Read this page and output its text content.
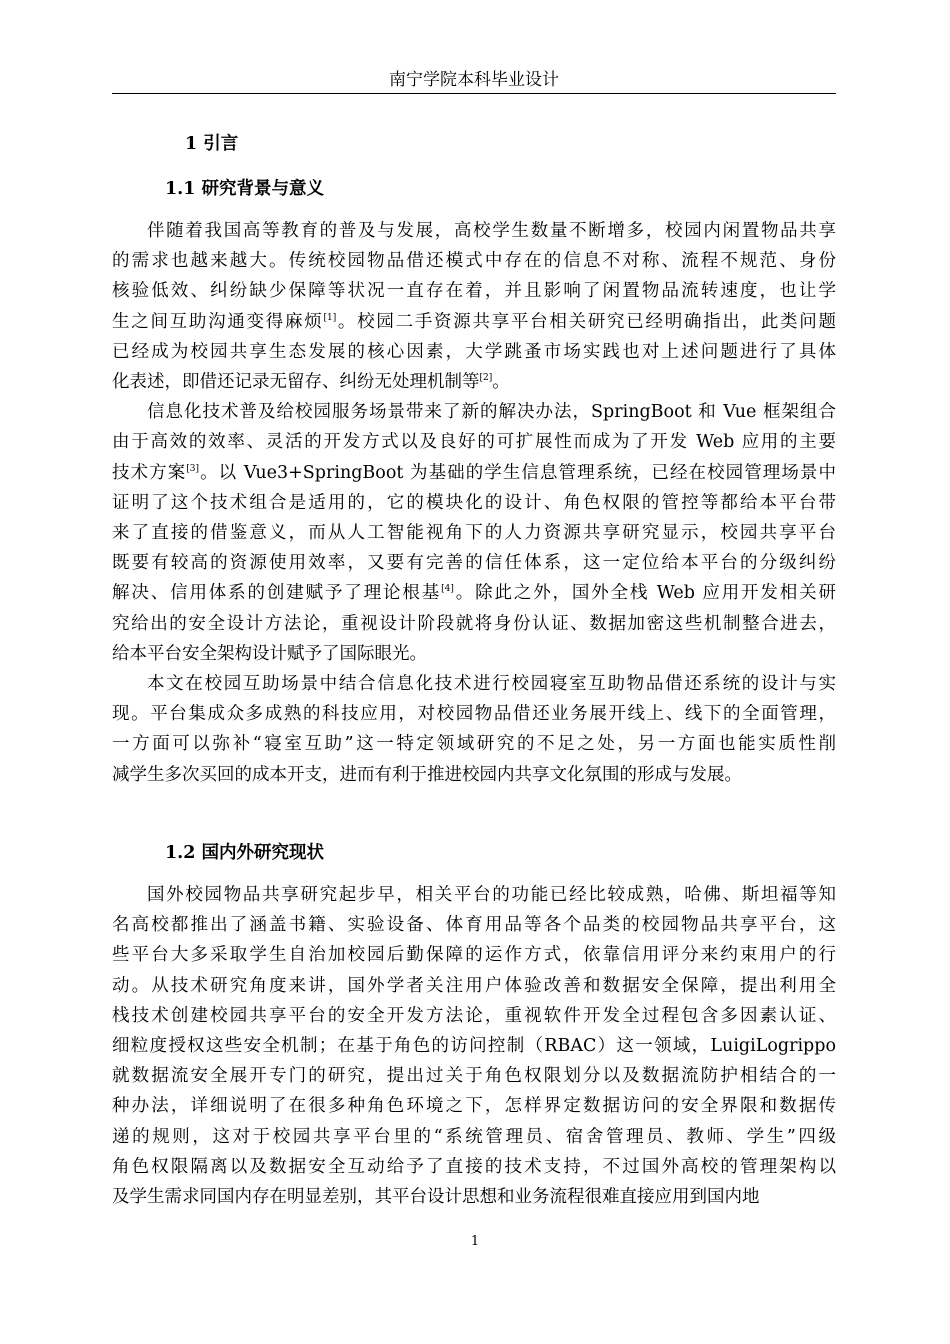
南宁学院本科毕业设计
1 引言
1.1 研究背景与意义
伴随着我国高等教育的普及与发展，高校学生数量不断增多，校园内闲置物品共享
的需求也越来越大。传统校园物品借还模式中存在的信息不对称、流程不规范、身份
核验低效、纠纷缺少保障等状况一直存在着，并且影响了闲置物品流转速度，也让学
生之间互助沟通变得麻烦[1]。校园二手资源共享平台相关研究已经明确指出，此类问题
已经成为校园共享生态发展的核心因素，大学跳蚤市场实践也对上述问题进行了具体
化表述，即借还记录无留存、纠纷无处理机制等[2]。
信息化技术普及给校园服务场景带来了新的解决办法，SpringBoot 和 Vue 框架组合
由于高效的效率、灵活的开发方式以及良好的可扩展性而成为了开发 Web 应用的主要
技术方案[3]。以 Vue3+SpringBoot 为基础的学生信息管理系统，已经在校园管理场景中
证明了这个技术组合是适用的，它的模块化的设计、角色权限的管控等都给本平台带
来了直接的借鉴意义，而从人工智能视角下的人力资源共享研究显示，校园共享平台
既要有较高的资源使用效率，又要有完善的信任体系，这一定位给本平台的分级纠纷
解决、信用体系的创建赋予了理论根基[4]。除此之外，国外全栈 Web 应用开发相关研
究给出的安全设计方法论，重视设计阶段就将身份认证、数据加密这些机制整合进去，
给本平台安全架构设计赋予了国际眼光。
本文在校园互助场景中结合信息化技术进行校园寝室互助物品借还系统的设计与实
现。平台集成众多成熟的科技应用，对校园物品借还业务展开线上、线下的全面管理，
一方面可以弥补“寝室互助”这一特定领域研究的不足之处，另一方面也能实质性削
减学生多次买回的成本开支，进而有利于推进校园内共享文化氛围的形成与发展。
1.2 国内外研究现状
国外校园物品共享研究起步早，相关平台的功能已经比较成熟，哈佛、斯坦福等知
名高校都推出了涵盖书籍、实验设备、体育用品等各个品类的校园物品共享平台，这
些平台大多采取学生自治加校园后勤保障的运作方式，依靠信用评分来约束用户的行
动。从技术研究角度来讲，国外学者关注用户体验改善和数据安全保障，提出利用全
栈技术创建校园共享平台的安全开发方法论，重视软件开发全过程包含多因素认证、
细粒度授权这些安全机制；在基于角色的访问控制（RBAC）这一领域，LuigiLogrippo
就数据流安全展开专门的研究，提出过关于角色权限划分以及数据流防护相结合的一
种办法，详细说明了在很多种角色环境之下，怎样界定数据访问的安全界限和数据传
递的规则，这对于校园共享平台里的“系统管理员、宿舍管理员、教师、学生”四级
角色权限隔离以及数据安全互动给予了直接的技术支持，不过国外高校的管理架构以
及学生需求同国内存在明显差别，其平台设计思想和业务流程很难直接应用到国内地
1
